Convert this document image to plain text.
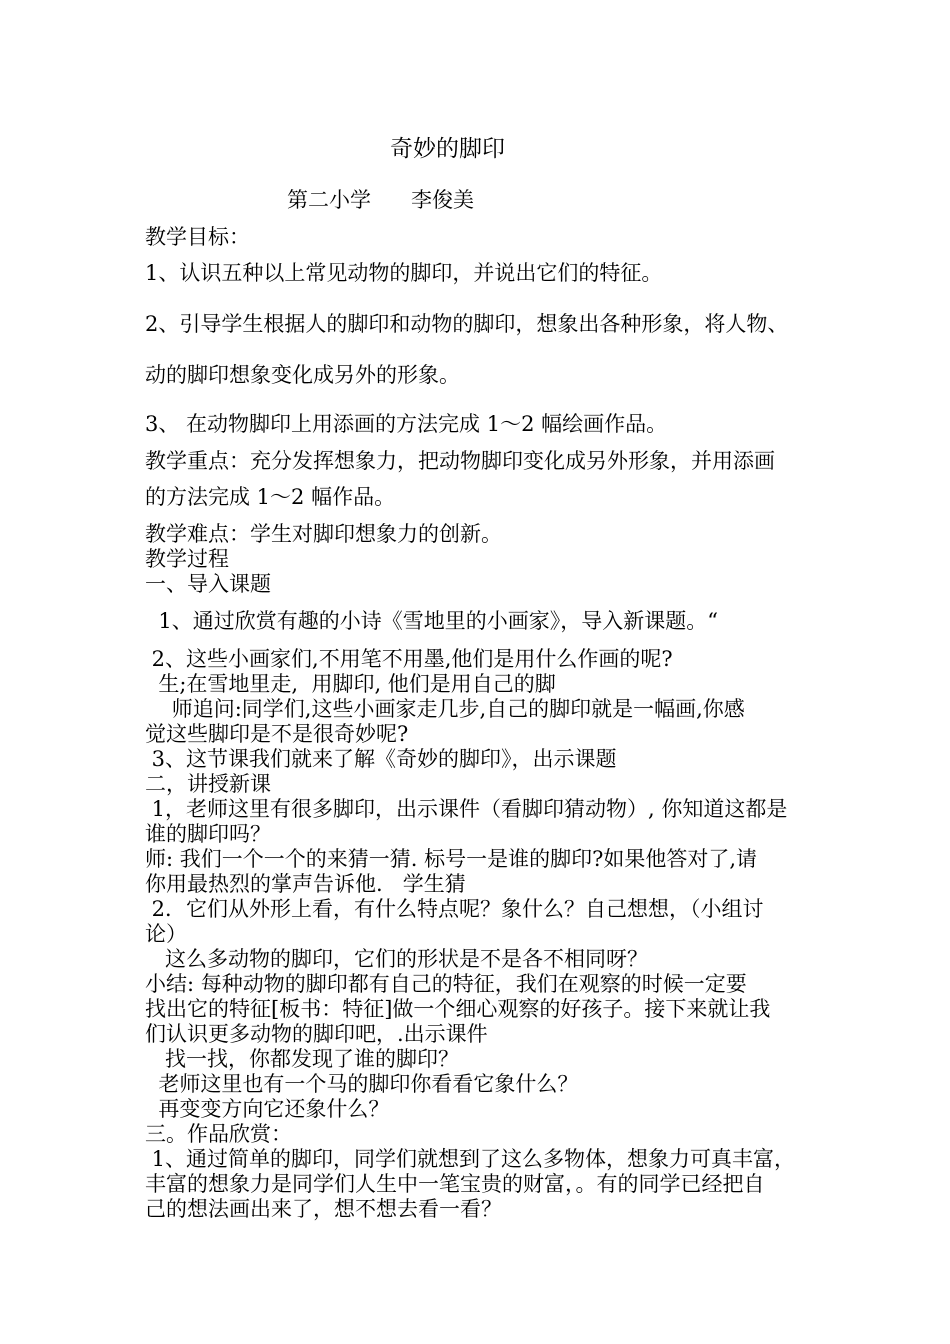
奇妙的脚印
第二小学      李俊美
教学目标：
1、认识五种以上常见动物的脚印，并说出它们的特征。
2、引导学生根据人的脚印和动物的脚印，想象出各种形象，将人物、
动的脚印想象变化成另外的形象。
3、 在动物脚印上用添画的方法完成 1～2 幅绘画作品。
教学重点：充分发挥想象力，把动物脚印变化成另外形象，并用添画
的方法完成 1～2 幅作品。
教学难点：学生对脚印想象力的创新。
教学过程
一、导入课题
1、通过欣赏有趣的小诗《雪地里的小画家》，导入新课题。“
2、这些小画家们,不用笔不用墨,他们是用什么作画的呢?
生;在雪地里走,  用脚印, 他们是用自己的脚
师追问:同学们,这些小画家走几步,自己的脚印就是一幅画,你感
觉这些脚印是不是很奇妙呢?
3、这节课我们就来了解《奇妙的脚印》，出示课题
二，讲授新课
1，老师这里有很多脚印，出示课件（看脚印猜动物）, 你知道这都是
谁的脚印吗？
师: 我们一个一个的来猜一猜. 标号一是谁的脚印?如果他答对了,请
你用最热烈的掌声告诉他.   学生猜
2．它们从外形上看，有什么特点呢？象什么？自己想想，（小组讨
论）
这么多动物的脚印，它们的形状是不是各不相同呀？
小结: 每种动物的脚印都有自己的特征，我们在观察的时候一定要
找出它的特征[板书：特征]做一个细心观察的好孩子。接下来就让我
们认识更多动物的脚印吧，.出示课件
找一找，你都发现了谁的脚印？
老师这里也有一个马的脚印你看看它象什么？
再变变方向它还象什么？
三。作品欣赏：
1、通过简单的脚印，同学们就想到了这么多物体，想象力可真丰富，
丰富的想象力是同学们人生中一笔宝贵的财富，。有的同学已经把自
己的想法画出来了，想不想去看一看？
